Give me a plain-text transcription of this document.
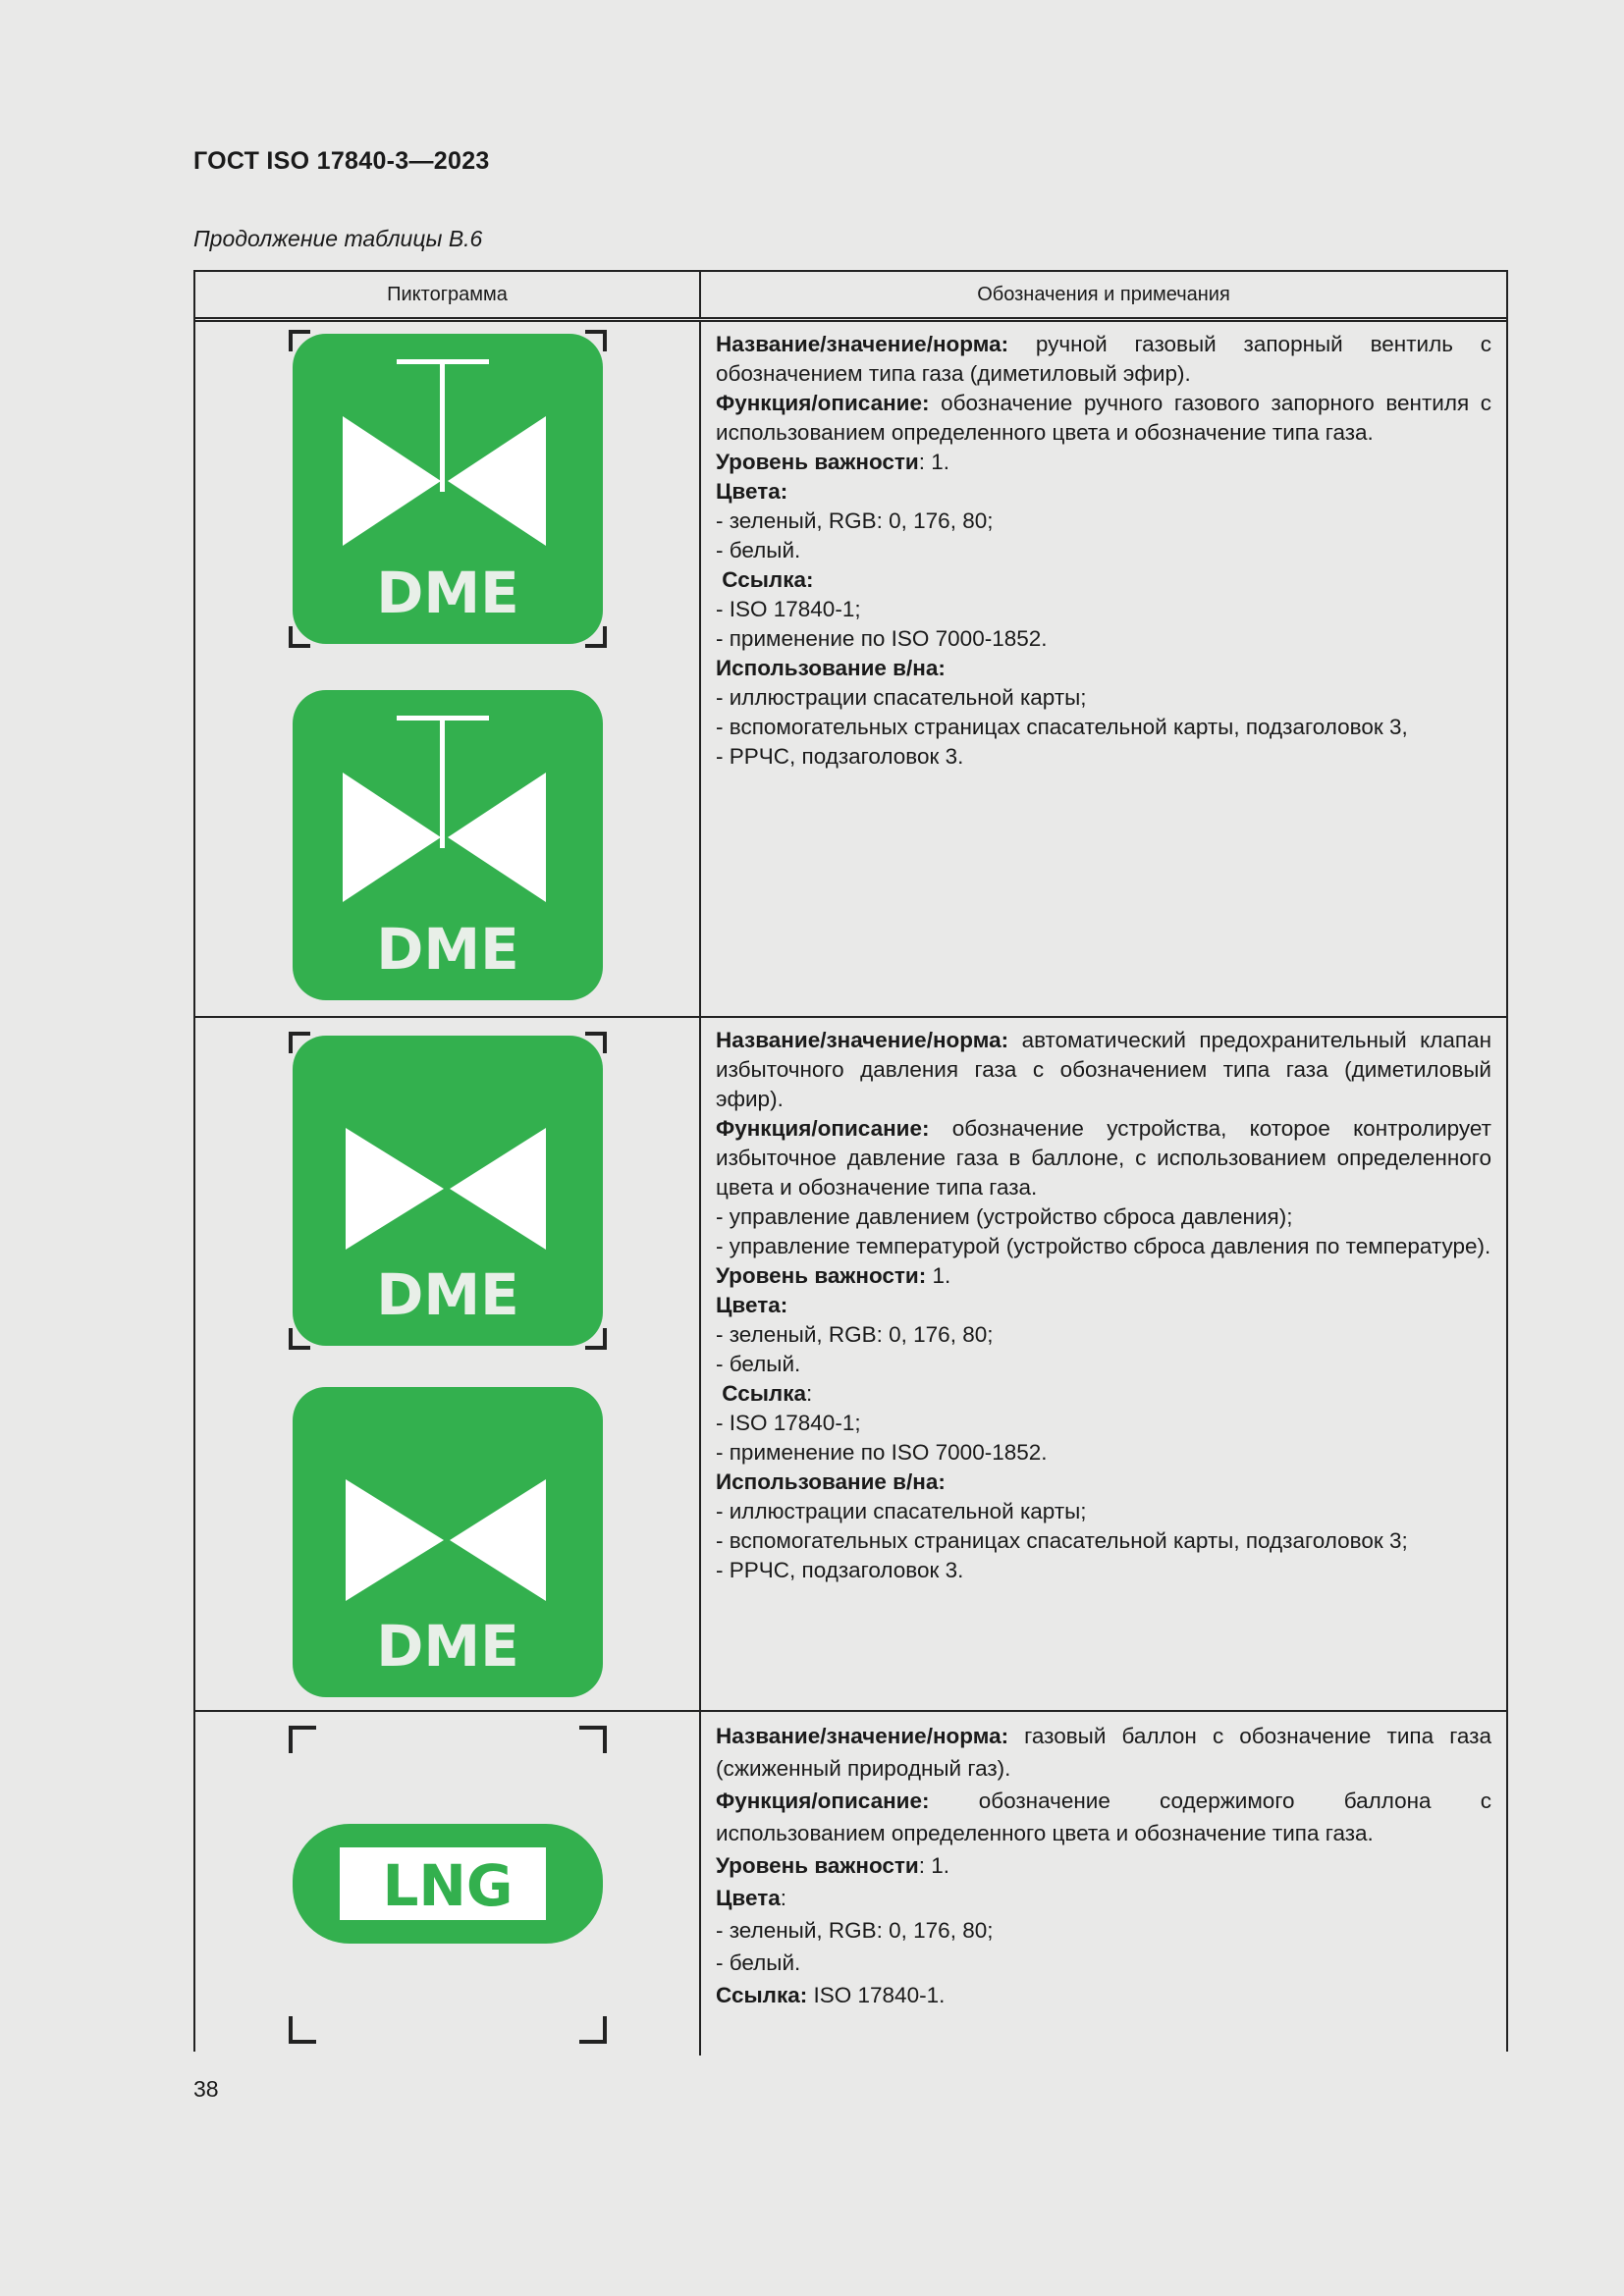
ГОСТ ISO 17840-3—2023
Продолжение таблицы В.6
Пиктограмма	Обозначения и примечания
DME
DME

Название/значение/норма: ручной газовый запорный вентиль с обозначением типа газа (диметиловый эфир).

Функция/описание: обозначение ручного газового запорного вентиля с использованием определенного цвета и обозначение типа газа.

Уровень важности: 1.

Цвета:

- зеленый, RGB: 0, 176, 80;

- белый.

Ссылка:

- ISO 17840-1;

- применение по ISO 7000-1852.

Использование в/на:

- иллюстрации спасательной карты;

- вспомогательных страницах спасательной карты, подзаголовок 3,

- РРЧС, подзаголовок 3.

DME
DME

Название/значение/норма: автоматический предохранительный клапан избыточного давления газа с обозначением типа газа (диметиловый эфир).

Функция/описание: обозначение устройства, которое контролирует избыточное давление газа в баллоне, с использованием определенного цвета и обозначение типа газа.

- управление давлением (устройство сброса давления);

- управление температурой (устройство сброса давления по температуре).

Уровень важности: 1.

Цвета:

- зеленый, RGB: 0, 176, 80;

- белый.

Ссылка:

- ISO 17840-1;

- применение по ISO 7000-1852.

Использование в/на:

- иллюстрации спасательной карты;

- вспомогательных страницах спасательной карты, подзаголовок 3;

- РРЧС, подзаголовок 3.

LNG

Название/значение/норма: газовый баллон с обозначение типа газа (сжиженный природный газ).

Функция/описание: обозначение содержимого баллона с использованием определенного цвета и обозначение типа газа.

Уровень важности: 1.

Цвета:

- зеленый, RGB: 0, 176, 80;

- белый.

Ссылка: ISO 17840-1.

38
